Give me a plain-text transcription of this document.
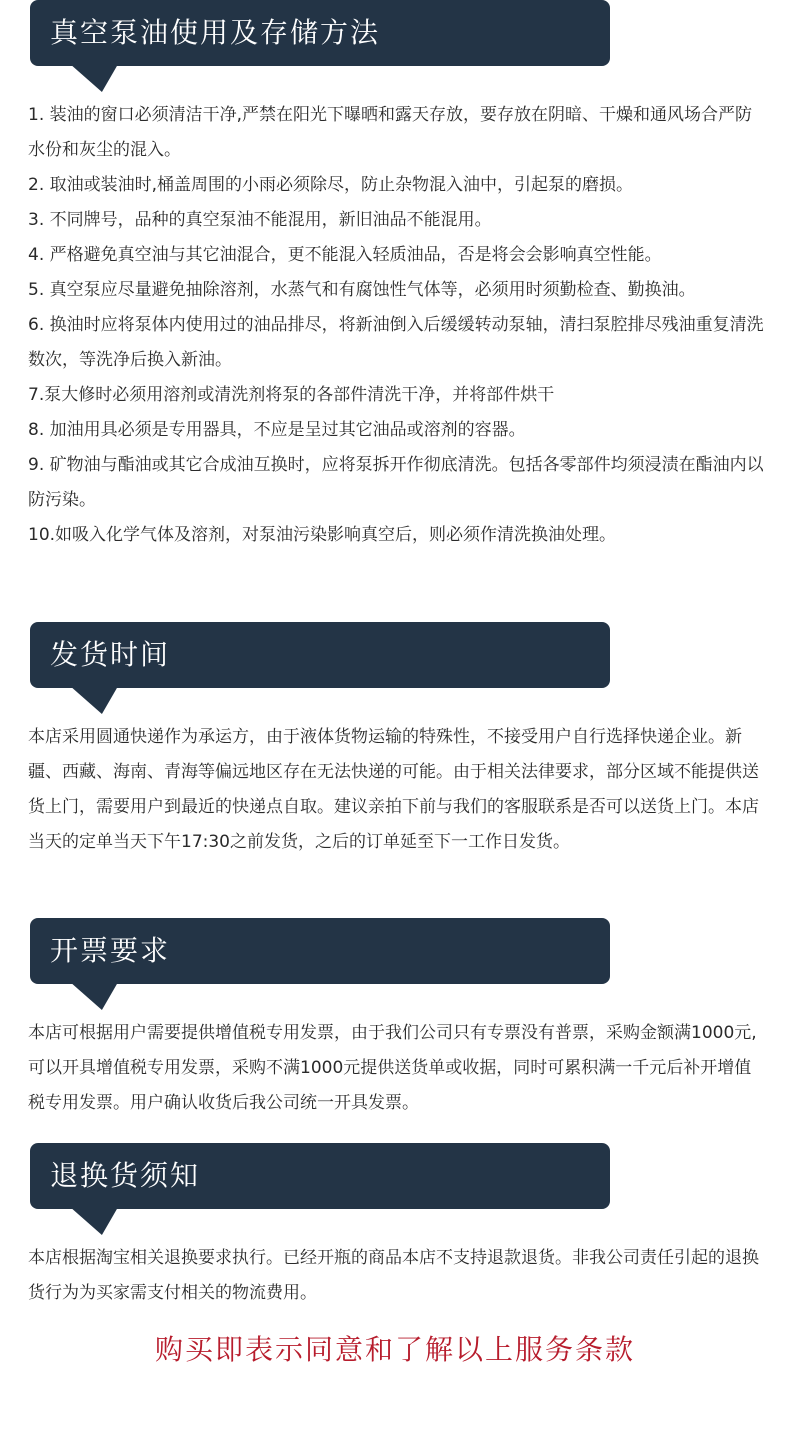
真空泵油使用及存储方法

1. 装油的窗口必须清洁干净,严禁在阳光下曝晒和露天存放，要存放在阴暗、干燥和通风场合严防水份和灰尘的混入。

2. 取油或装油时,桶盖周围的小雨必须除尽，防止杂物混入油中，引起泵的磨损。

3. 不同牌号，品种的真空泵油不能混用，新旧油品不能混用。

4. 严格避免真空油与其它油混合，更不能混入轻质油品，否是将会会影响真空性能。

5. 真空泵应尽量避免抽除溶剂，水蒸气和有腐蚀性气体等，必须用时须勤检查、勤换油。

6. 换油时应将泵体内使用过的油品排尽，将新油倒入后缓缓转动泵轴，清扫泵腔排尽残油重复清洗数次，等洗净后换入新油。

7.泵大修时必须用溶剂或清洗剂将泵的各部件清洗干净，并将部件烘干

8. 加油用具必须是专用器具，不应是呈过其它油品或溶剂的容器。

9. 矿物油与酯油或其它合成油互换时，应将泵拆开作彻底清洗。包括各零部件均须浸渍在酯油内以防污染。

10.如吸入化学气体及溶剂，对泵油污染影响真空后，则必须作清洗换油处理。

发货时间

本店采用圆通快递作为承运方，由于液体货物运输的特殊性，不接受用户自行选择快递企业。新疆、西藏、海南、青海等偏远地区存在无法快递的可能。由于相关法律要求，部分区域不能提供送货上门，需要用户到最近的快递点自取。建议亲拍下前与我们的客服联系是否可以送货上门。本店当天的定单当天下午17:30之前发货，之后的订单延至下一工作日发货。

开票要求

本店可根据用户需要提供增值税专用发票，由于我们公司只有专票没有普票，采购金额满1000元,可以开具增值税专用发票，采购不满1000元提供送货单或收据，同时可累积满一千元后补开增值税专用发票。用户确认收货后我公司统一开具发票。

退换货须知

本店根据淘宝相关退换要求执行。已经开瓶的商品本店不支持退款退货。非我公司责任引起的退换货行为为买家需支付相关的物流费用。

购买即表示同意和了解以上服务条款
